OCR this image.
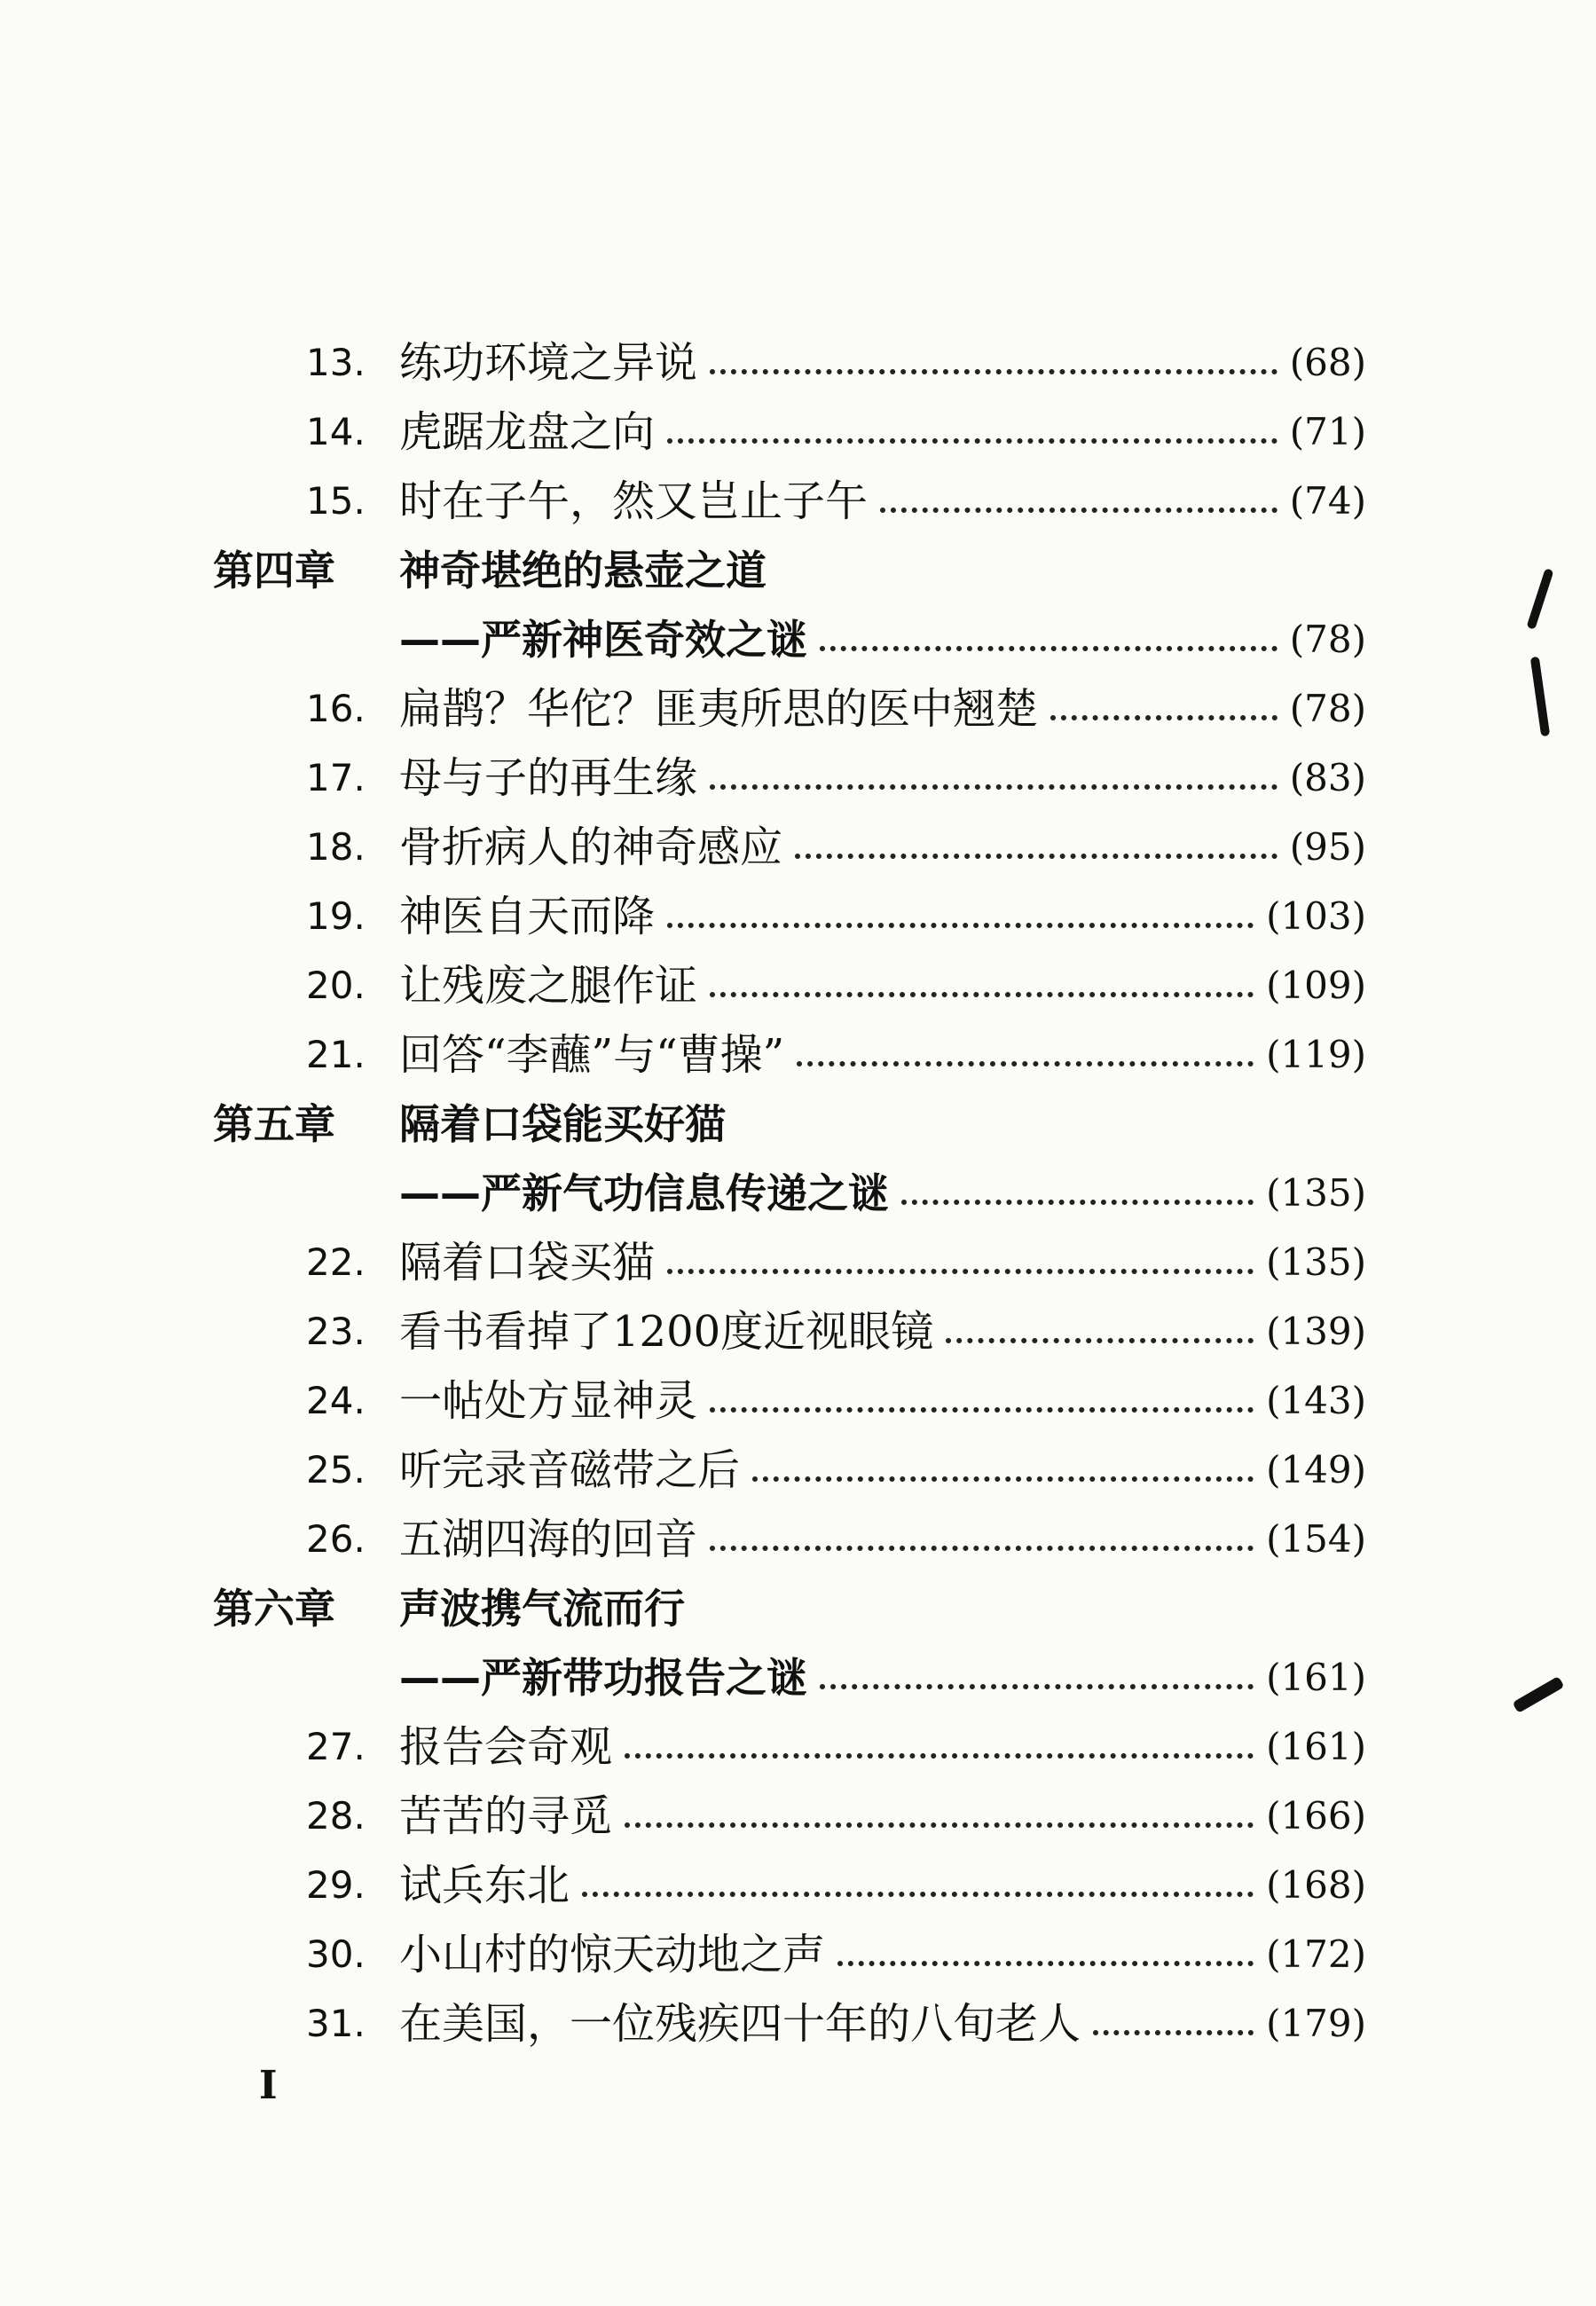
13. 练功环境之异说	(68)
14. 虎踞龙盘之向	(71)
15. 时在子午，然又岂止子午	(74)
第四章 神奇堪绝的悬壶之道
——严新神医奇效之谜	(78)
16. 扁鹊？华佗？匪夷所思的医中翘楚	(78)
17. 母与子的再生缘	(83)
18. 骨折病人的神奇感应	(95)
19. 神医自天而降	(103)
20. 让残废之腿作证	(109)
21. 回答“李蘸”与“曹操”	(119)
第五章 隔着口袋能买好猫
——严新气功信息传递之谜	(135)
22. 隔着口袋买猫	(135)
23. 看书看掉了1200度近视眼镜	(139)
24. 一帖处方显神灵	(143)
25. 听完录音磁带之后	(149)
26. 五湖四海的回音	(154)
第六章 声波携气流而行
——严新带功报告之谜	(161)
27. 报告会奇观	(161)
28. 苦苦的寻觅	(166)
29. 试兵东北	(168)
30. 小山村的惊天动地之声	(172)
31. 在美国，一位残疾四十年的八旬老人	(179)
I
